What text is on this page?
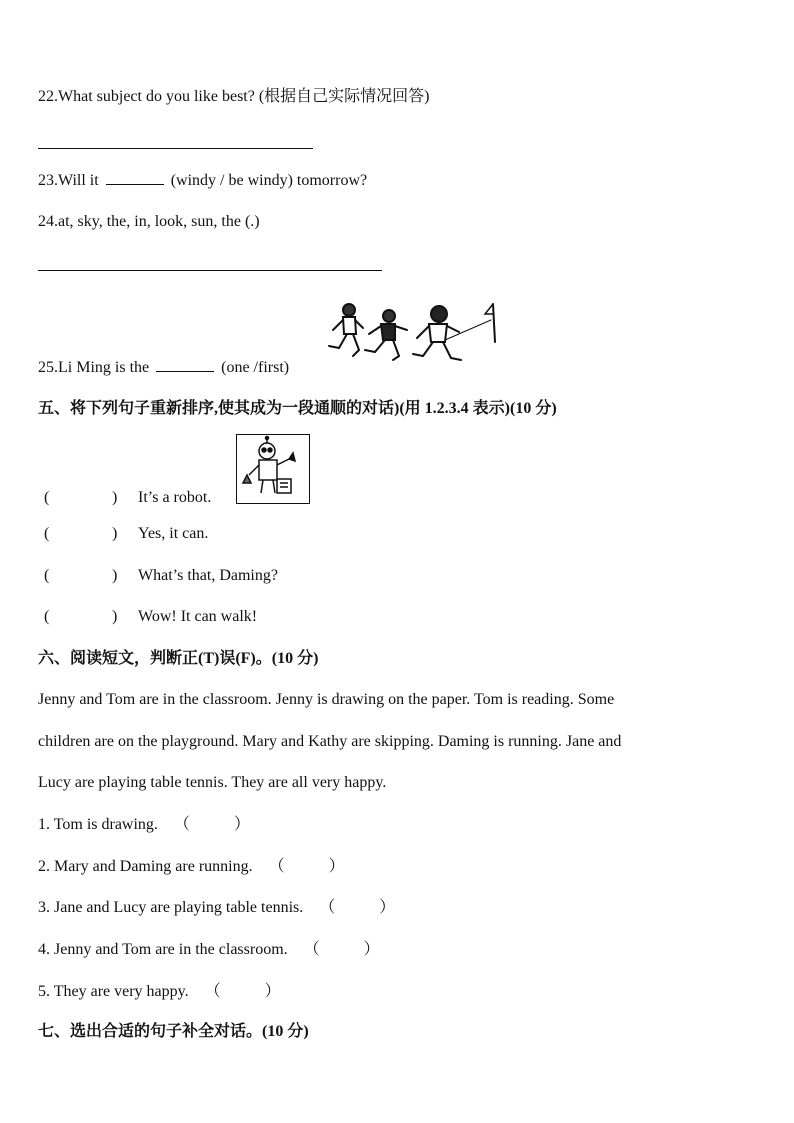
22.What subject do you like best? (根据自己实际情况回答)
23.Will it	(windy / be windy) tomorrow?
24.at, sky, the, in, look, sun, the (.)
25.Li Ming is the	(one /first)
五、将下列句子重新排序,使其成为一段通顺的对话)(用 1.2.3.4 表示)(10 分)
(	) It’s a robot.
(	) Yes, it can.
(	) What’s that, Daming?
(	) Wow! It can walk!
六、阅读短文，判断正(T)误(F)。(10 分)
Jenny and Tom are in the classroom. Jenny is drawing on the paper. Tom is reading. Some
children are on the playground. Mary and Kathy are skipping. Daming is running. Jane and
Lucy are playing table tennis. They are all very happy.
1. Tom is drawing. （	）
2. Mary and Daming are running. （	）
3. Jane and Lucy are playing table tennis. （	）
4. Jenny and Tom are in the classroom. （	）
5. They are very happy. （	）
七、选出合适的句子补全对话。(10 分)
